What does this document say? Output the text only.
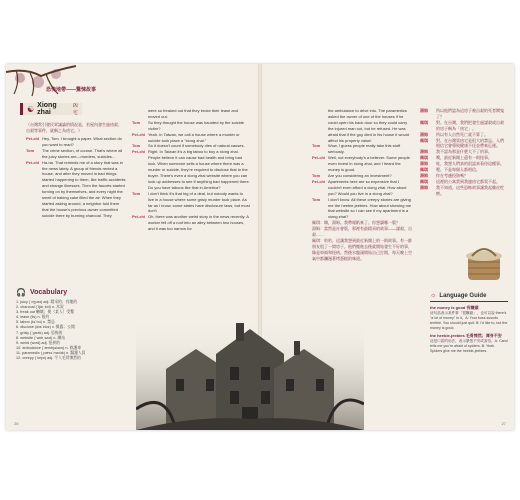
恐怖地帶——驚悚故事
☯ Xiong zhai
凶宅
（台灣常引發民眾議論的情況是，若屋內發生過凶殺、自殺等事件，就稱之為凶宅。）
Pei-chi Hey, Tom. I brought a paper. What section do you want to read?
Tom	The crime section, of course. That's where all the juicy stories are—murders, suicides…
Pei-chi Ha-ha. That reminds me of a story that was in the news lately. A group of friends rented a house, and after they moved in bad things started happening to them, like traffic accidents and strange illnesses. Then the faucets started turning on by themselves, and every night the smell of baking cake filled the air. When they started asking around, a neighbor told them that the house's previous owner committed suicide there by burning charcoal. They
were so freaked out that they broke their lease and moved out.
Tom	So they thought the house was haunted by the suicide victim?
Pei-chi Yeah. In Taiwan, we call a house where a murder or suicide took place a "xiong zhai."
Tom	So it doesn't count if somebody dies of natural causes.
Pei-chi Right. In Taiwan it's a big taboo to buy a xiong zhai. People believe it can cause bad health and bring bad luck. When someone sells a house where there was a murder or suicide, they're required to disclose that to the buyer. There's even a xiong zhai website where you can look up addresses to see if anything bad happened there. Do you have taboos like that in America?
Tom	I don't think it's that big of a deal, but nobody wants to live in a house where some grisly murder took place. As far as I know, some states have disclosure laws, but most don't.
Pei-chi Oh, there was another weird story in the news recently. A worker fell off a roof into an alley between two houses, and it was too narrow for
🎧 Vocabulary
1. juicy (`dʒusɪ) adj. 精采的；有趣的
2. charcoal (`tʃɑr͵kol) n. 木炭
3. freak out 嚇壞；使（某人）受驚
4. lease (lis) n. 租約
5. taboo (tə`bu) n. 禁忌
6. disclose (dɪs`kloz) v. 揭露；公開
7. grisly (`grɪzlɪ) adj. 恐怖的
8. website (`wɛb͵saɪt) n. 網站
9. weird (wɪrd) adj. 怪異的
10. ambulance (`æmbjələns) n. 救護車
11. paramedic (͵pærə`mɛdɪk) n. 醫護人員
12. creepy (`kripɪ) adj. 令人毛骨悚然的
26
the ambulance to drive into. The paramedics asked the owner of one of the houses if he could open his back door so they could carry the injured man out, but he refused. He was afraid that if the guy died in his house it would affect his property value!
Tom	Wow, I guess people really take this stuff seriously.
Pei-chi Well, not everybody's a believer. Some people even invest in xiong zhai, and I heard the money is good.
Tom	Are you considering an investment?
Pei-chi Apartments here are so expensive that I couldn't even afford a xiong zhai. How about you? Would you live in a xiong zhai?
Tom	I don't know. All these creepy stories are giving me the heebie-jeebies. How about showing me that website so I can see if my apartment is a xiong zhai?
佩琪：嗨，湯姆。我帶報紙來了。你想讀哪一版？
湯姆：當然是社會版，那裡有最精采的故事——謀殺、自殺……
佩琪：哈哈，這讓我想到最近新聞上的一則故事。有一群朋友租了一間房子，他們搬進去後就開始發生不好的事，像是車禍和怪病。然後水龍頭開始自己打開，每天晚上空氣中都瀰漫著烤蛋糕的味道。
湯姆	所以他們認為這房子被自殺的死者鬧鬼了？
佩琪	對。在台灣，我們把發生過謀殺或自殺的房子稱為「凶宅」。
湯姆	所以有人自然死亡就不算了。
佩琪	對。在台灣買凶宅是很大的禁忌。人們相信它會導致健康不佳並帶來厄運。
湯姆	我不認為那是什麼大不了的事。
佩琪	噢，最近新聞上還有一則怪事。
湯姆	哇，我想人們真的很認真看待這種事。
佩琪	嗯，不是每個人都相信。
湯姆	你在考慮投資嗎？
佩琪	這裡的公寓貴到我連凶宅都買不起。
湯姆	我不知道。這些恐怖故事讓我起雞皮疙瘩。
☼ Language Guide
the money is good 有賺頭
這句話表示某件事「很賺錢」，也可以說 there's "a lot of money" in it。A: Your boss sounds terrible. You should just quit. B: I'd like to, but the money is good.
the heebie-jeebies 毛骨悚然；渾身不安
這是口語的用法，表示緊張不安或害怕。A: Carol tells me you're afraid of spiders. B: Yeah. Spiders give me the heebie-jeebies.
27
